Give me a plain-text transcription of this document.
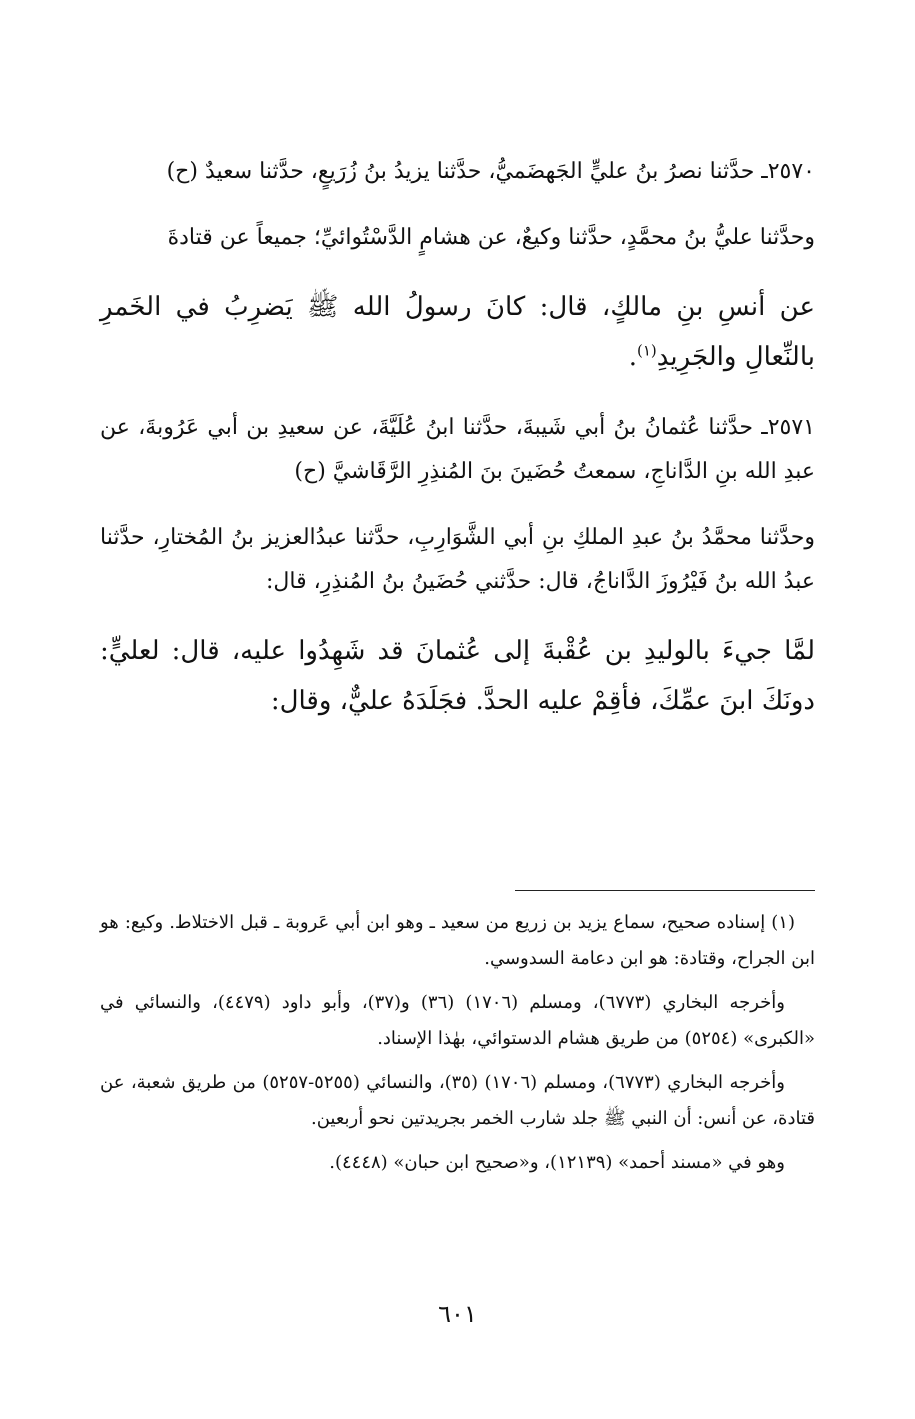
٢٥٧٠ـ حدَّثنا نصرُ بنُ عليٍّ الجَهضَميُّ، حدَّثنا يزيدُ بنُ زُرَيعٍ، حدَّثنا سعيدٌ (ح)

وحدَّثنا عليُّ بنُ محمَّدٍ، حدَّثنا وكيعٌ، عن هشامٍ الدَّسْتُوائيِّ؛ جميعاً عن قتادةَ

عن أنسِ بنِ مالكٍ، قال: كانَ رسولُ الله ﷺ يَضرِبُ في الخَمرِ بالنِّعالِ والجَرِيدِ$^{(١)}$.

٢٥٧١ـ حدَّثنا عُثمانُ بنُ أبي شَيبةَ، حدَّثنا ابنُ عُلَيَّةَ، عن سعيدِ بن أبي عَرُوبةَ، عن عبدِ الله بنِ الدَّاناجِ، سمعتُ حُضَينَ بنَ المُنذِرِ الرَّقَاشيَّ (ح)

وحدَّثنا محمَّدُ بنُ عبدِ الملكِ بنِ أبي الشَّوَارِبِ، حدَّثنا عبدُالعزيز بنُ المُختارِ، حدَّثنا عبدُ الله بنُ فَيْرُوزَ الدَّاناجُ، قال: حدَّثني حُضَينُ بنُ المُنذِرِ، قال:

لمَّا جيءَ بالوليدِ بن عُقْبةَ إلى عُثمانَ قد شَهِدُوا عليه، قال: لعليٍّ: دونَكَ ابنَ عمِّكَ، فأقِمْ عليه الحدَّ. فجَلَدَهُ عليٌّ، وقال:

(١) إسناده صحيح، سماع يزيد بن زريع من سعيد ـ وهو ابن أبي عَروبة ـ قبل الاختلاط. وكيع: هو ابن الجراح، وقتادة: هو ابن دعامة السدوسي.

وأخرجه البخاري (٦٧٧٣)، ومسلم (١٧٠٦) (٣٦) و(٣٧)، وأبو داود (٤٤٧٩)، والنسائي في «الكبرى» (٥٢٥٤) من طريق هشام الدستوائي، بهٰذا الإسناد.

وأخرجه البخاري (٦٧٧٣)، ومسلم (١٧٠٦) (٣٥)، والنسائي (٥٢٥٥-٥٢٥٧) من طريق شعبة، عن قتادة، عن أنس: أن النبي ﷺ جلد شارب الخمر بجريدتين نحو أربعين.

وهو في «مسند أحمد» (١٢١٣٩)، و«صحيح ابن حبان» (٤٤٤٨).

٦٠١
